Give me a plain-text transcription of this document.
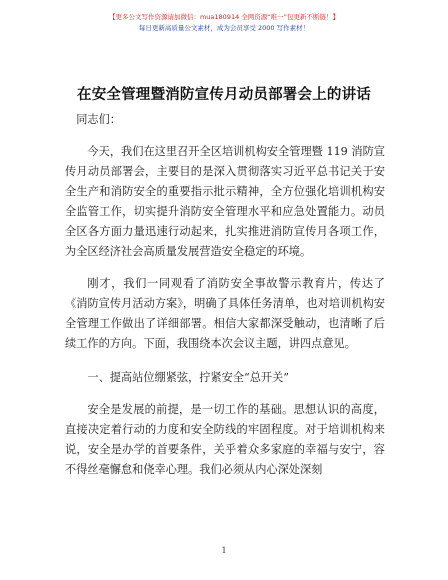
【更多公文写作资源请加微信：mua180914 全网资源“唯一”包更新不断链！】
每日更新高质量公文素材，成为会员享受 2000 写作素材！
在安全管理暨消防宣传月动员部署会上的讲话

同志们：

今天，我们在这里召开全区培训机构安全管理暨 119 消防宣传月动员部署会，主要目的是深入贯彻落实习近平总书记关于安全生产和消防安全的重要指示批示精神，全方位强化培训机构安全监管工作，切实提升消防安全管理水平和应急处置能力。动员全区各方面力量迅速行动起来，扎实推进消防宣传月各项工作，为全区经济社会高质量发展营造安全稳定的环境。

刚才，我们一同观看了消防安全事故警示教育片，传达了《消防宣传月活动方案》，明确了具体任务清单，也对培训机构安全管理工作做出了详细部署。相信大家都深受触动，也清晰了后续工作的方向。下面，我围绕本次会议主题，讲四点意见。

一、提高站位绷紧弦，拧紧安全“总开关”

安全是发展的前提，是一切工作的基础。思想认识的高度，直接决定着行动的力度和安全防线的牢固程度。对于培训机构来说，安全是办学的首要条件，关乎着众多家庭的幸福与安宁，容不得丝毫懈怠和侥幸心理。我们必须从内心深处深刻

1
